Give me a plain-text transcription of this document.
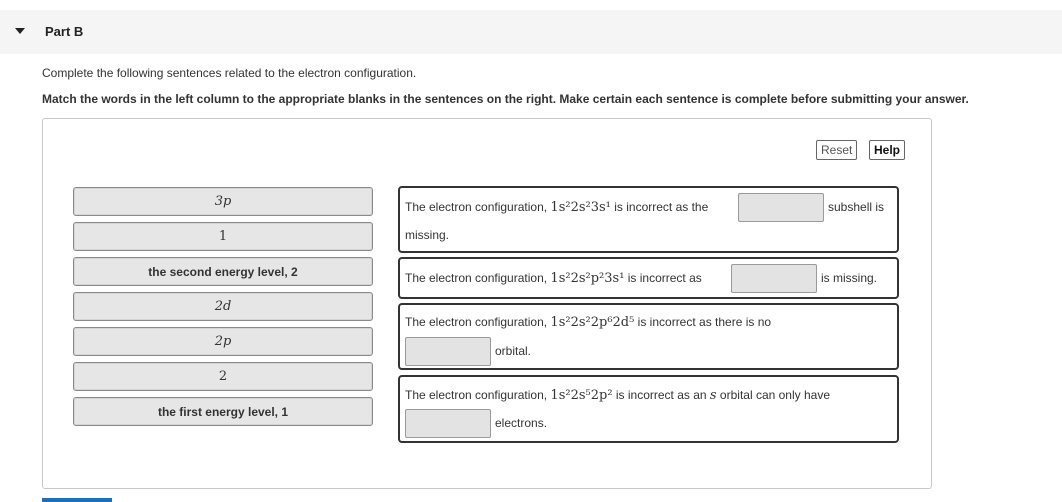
Part B
Complete the following sentences related to the electron configuration.
Match the words in the left column to the appropriate blanks in the sentences on the right. Make certain each sentence is complete before submitting your answer.
Reset	Help
3p
1
the second energy level, 2
2d
2p
2
the first energy level, 1
The electron configuration, 1s²2s²3s¹ is incorrect as the	subshell is
missing.
The electron configuration, 1s²2s²p²3s¹ is incorrect as	is missing.
The electron configuration, 1s²2s²2p⁶2d⁵ is incorrect as there is no
orbital.
The electron configuration, 1s²2s⁵2p² is incorrect as an s orbital can only have
electrons.
